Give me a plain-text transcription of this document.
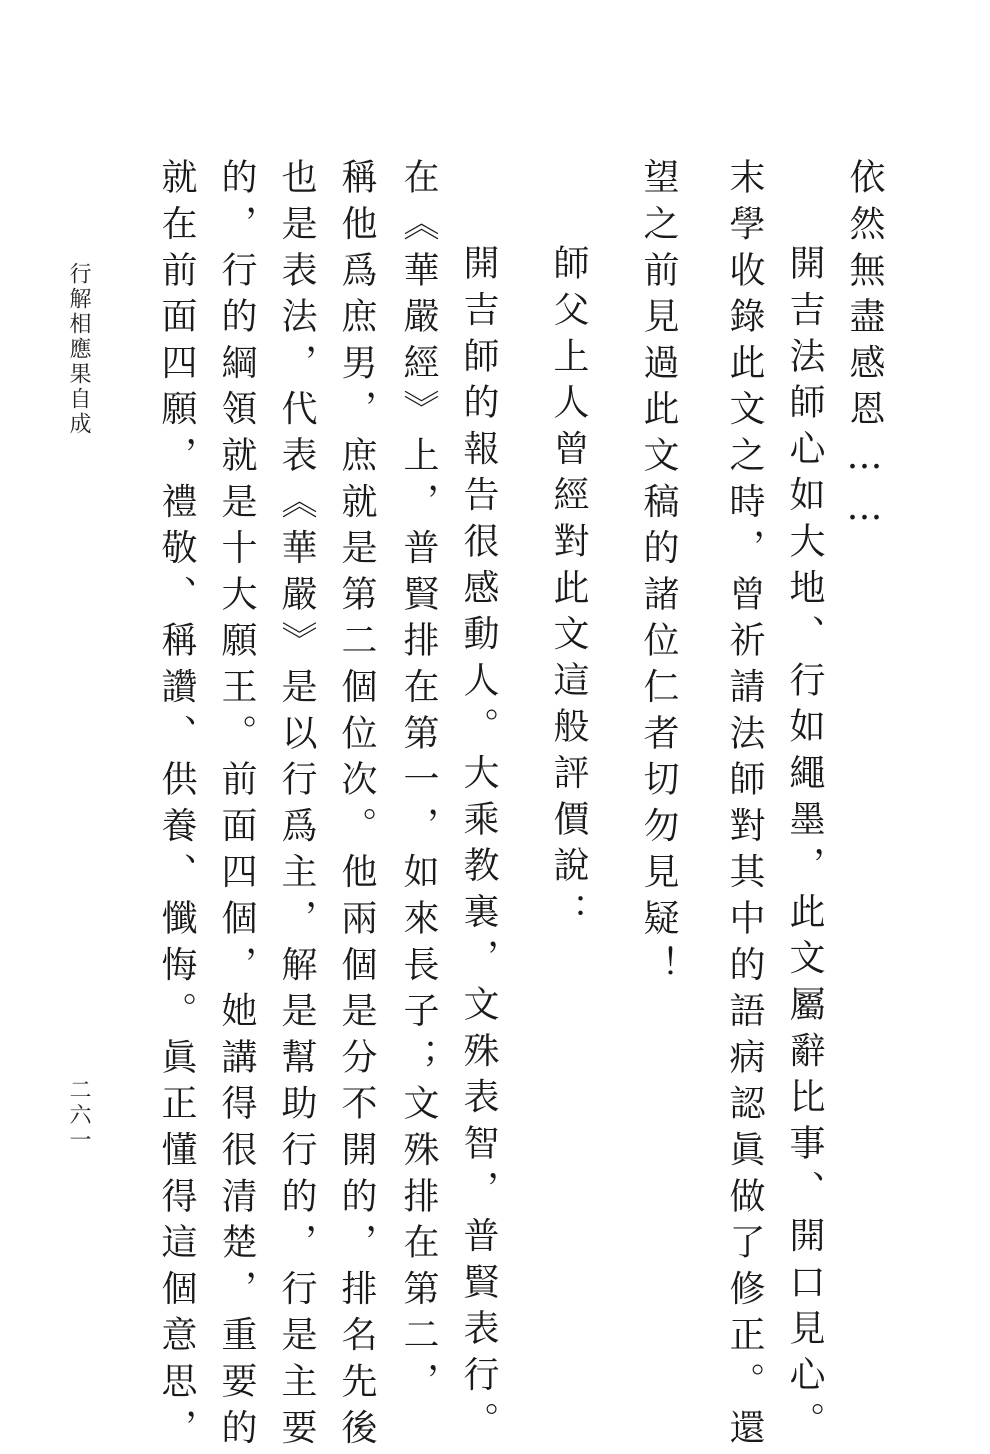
依然無盡感恩……
開吉法師心如大地、行如繩墨，此文屬辭比事、開口見心。
末學收錄此文之時，曾祈請法師對其中的語病認眞做了修正。還
望之前見過此文稿的諸位仁者切勿見疑！
師父上人曾經對此文這般評價說：
開吉師的報告很感動人。大乘教裏，文殊表智，普賢表行。
在《華嚴經》上，普賢排在第一，如來長子；文殊排在第二，
稱他爲庶男，庶就是第二個位次。他兩個是分不開的，排名先後
也是表法，代表《華嚴》是以行爲主，解是幫助行的，行是主要
的，行的綱領就是十大願王。前面四個，她講得很清楚，重要的
就在前面四願，禮敬、稱讚、供養、懺悔。眞正懂得這個意思，
行解相應果自成
二六一
